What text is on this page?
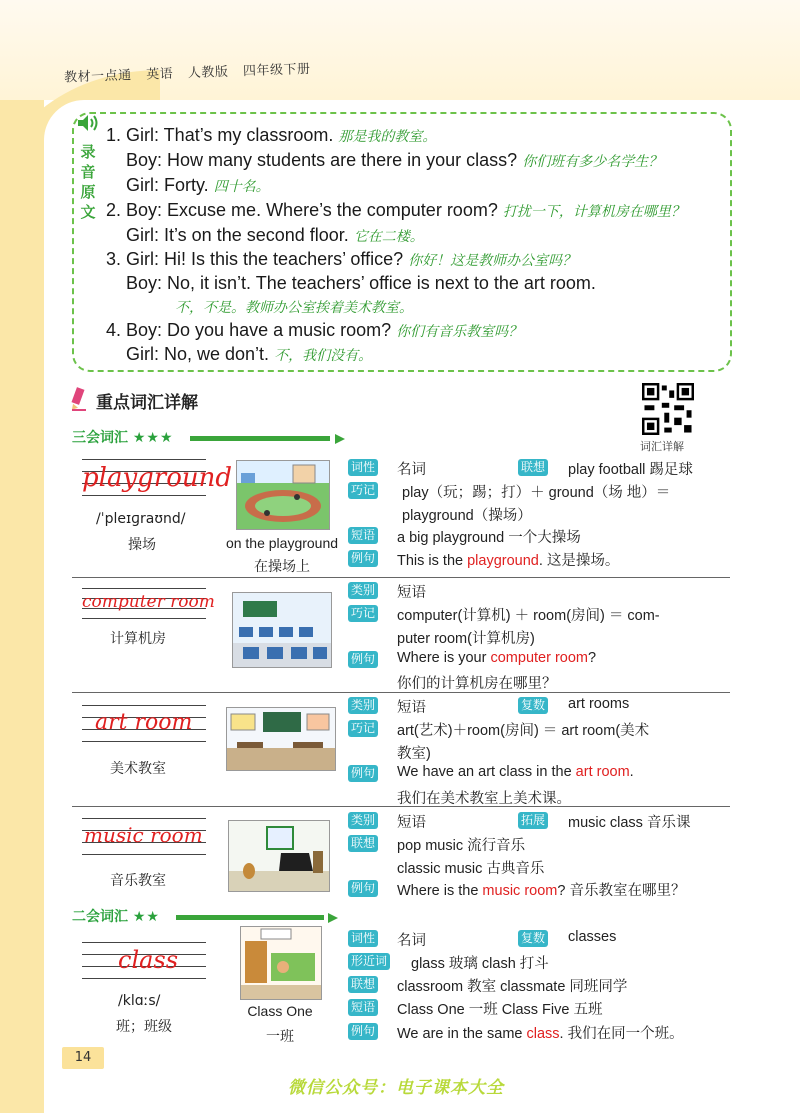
教材一点通 英语 人教版 四年级下册
录
音
原
文
1. Girl: That’s my classroom. 那是我的教室。
Boy: How many students are there in your class? 你们班有多少名学生？
Girl: Forty. 四十名。
2. Boy: Excuse me. Where’s the computer room? 打扰一下，计算机房在哪里？
Girl: It’s on the second floor. 它在二楼。
3. Girl: Hi! Is this the teachers’ office? 你好！这是教师办公室吗？
Boy: No, it isn’t. The teachers’ office is next to the art room.
不，不是。教师办公室挨着美术教室。
4. Boy: Do you have a music room? 你们有音乐教室吗？
Girl: No, we don’t. 不，我们没有。
重点词汇详解
词汇详解
三会词汇 ★★★
playground
/ˈpleɪɡraʊnd/
操场	on the playground
在操场上
词性 名词	联想 play football 踢足球
巧记 play（玩；踢；打）＋ ground（场 地）＝
playground（操场）
短语 a big playground 一个大操场
例句 This is the playground. 这是操场。
computer room
计算机房
类别 短语
巧记 computer(计算机) ＋ room(房间) ＝ com-
puter room(计算机房)
例句 Where is your computer room?
你们的计算机房在哪里？
art room
美术教室
类别 短语	复数 art rooms
巧记 art(艺术)＋room(房间) ＝ art room(美术
教室)
例句 We have an art class in the art room.
我们在美术教室上美术课。
music room
音乐教室
类别 短语	拓展 music class 音乐课
联想 pop music 流行音乐
classic music 古典音乐
例句 Where is the music room? 音乐教室在哪里？
二会词汇 ★★
class
/klɑːs/
班；班级
Class One
一班
词性 名词	复数 classes
形近词 glass 玻璃 clash 打斗
联想 classroom 教室 classmate 同班同学
短语 Class One 一班 Class Five 五班
例句 We are in the same class. 我们在同一个班。
14
微信公众号：电子课本大全
